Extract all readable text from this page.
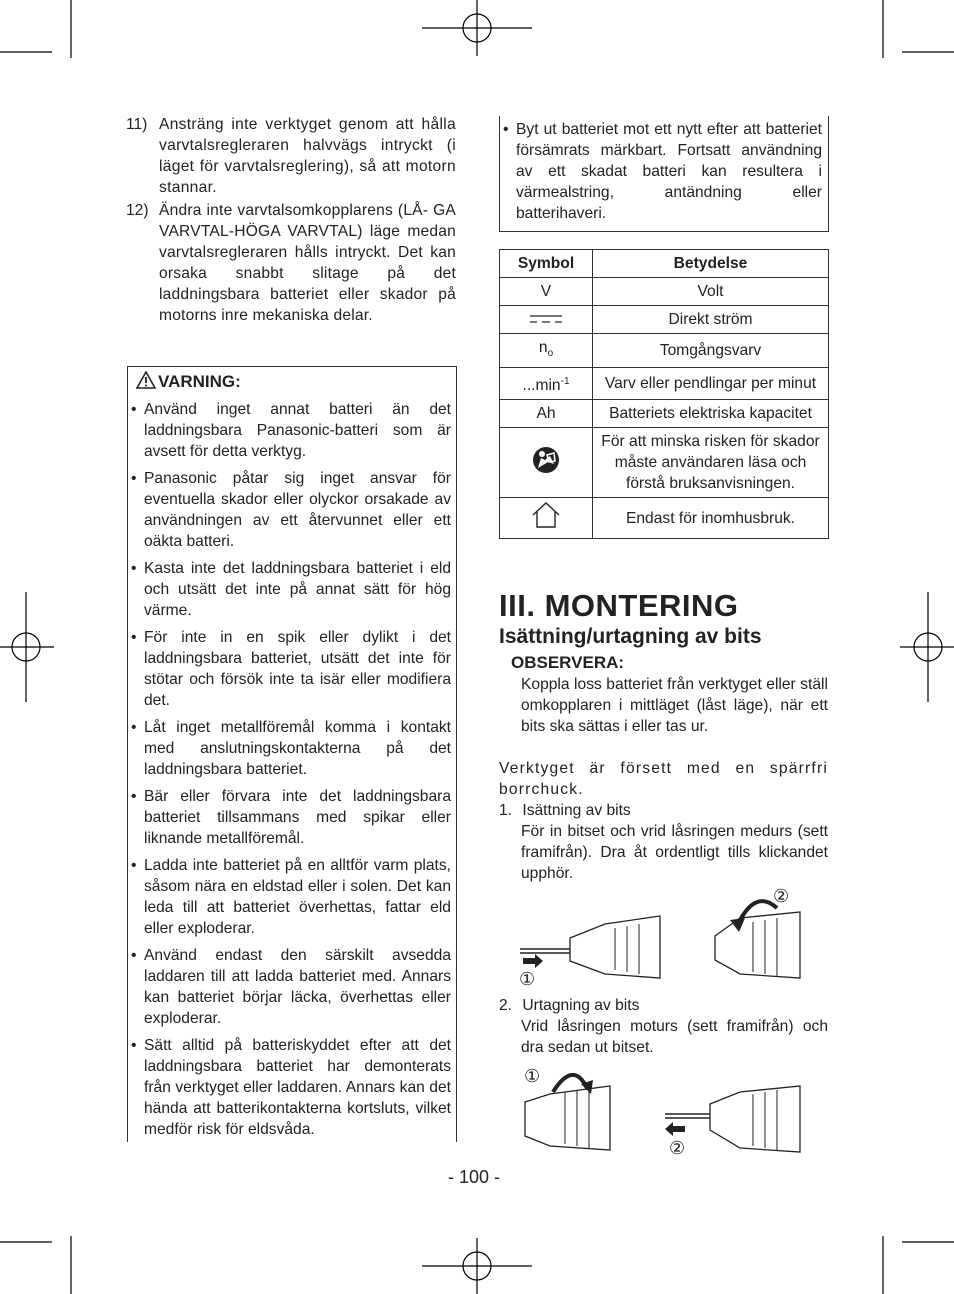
11) Ansträng inte verktyget genom att hålla varvtalsregleraren halvvägs intryckt (i läget för varvtalsreglering), så att motorn stannar.
12) Ändra inte varvtalsomkopplarens (LÅ- GA VARVTAL-HÖGA VARVTAL) läge medan varvtalsregleraren hålls intryckt. Det kan orsaka snabbt slitage på det laddningsbara batteriet eller skador på motorns inre mekaniska delar.
VARNING:
• Använd inget annat batteri än det laddningsbara Panasonic-batteri som är avsett för detta verktyg.
• Panasonic påtar sig inget ansvar för eventuella skador eller olyckor orsakade av användningen av ett återvunnet eller ett oäkta batteri.
• Kasta inte det laddningsbara batteriet i eld och utsätt det inte på annat sätt för hög värme.
• För inte in en spik eller dylikt i det laddningsbara batteriet, utsätt det inte för stötar och försök inte ta isär eller modifiera det.
• Låt inget metallföremål komma i kontakt med anslutningskontakterna på det laddningsbara batteriet.
• Bär eller förvara inte det laddningsbara batteriet tillsammans med spikar eller liknande metallföremål.
• Ladda inte batteriet på en alltför varm plats, såsom nära en eldstad eller i solen. Det kan leda till att batteriet överhettas, fattar eld eller exploderar.
• Använd endast den särskilt avsedda laddaren till att ladda batteriet med. Annars kan batteriet börjar läcka, överhettas eller exploderar.
• Sätt alltid på batteriskyddet efter att det laddningsbara batteriet har demonterats från verktyget eller laddaren. Annars kan det hända att batterikontakterna kortsluts, vilket medför risk för eldsvåda.
• Byt ut batteriet mot ett nytt efter att batteriet försämrats märkbart. Fortsatt användning av ett skadat batteri kan resultera i värmealstring, antändning eller batterihaveri.
Symbol	Betydelse
V	Volt
	Direkt ström
$n_o$	Tomgångsvarv
$...\min^{-1}$	Varv eller pendlingar per minut
Ah	Batteriets elektriska kapacitet
	För att minska risken för skador måste användaren läsa och förstå bruksanvisningen.
	Endast för inomhusbruk.
III. MONTERING
Isättning/urtagning av bits
OBSERVERA:
Koppla loss batteriet från verktyget eller ställ omkopplaren i mittläget (låst läge), när ett bits ska sättas i eller tas ur.
Verktyget är försett med en spärrfri borrchuck.
1. Isättning av bits
För in bitset och vrid låsringen medurs (sett framifrån). Dra åt ordentligt tills klickandet upphör.
①
②
2. Urtagning av bits
Vrid låsringen moturs (sett framifrån) och dra sedan ut bitset.
①
②
- 100 -
